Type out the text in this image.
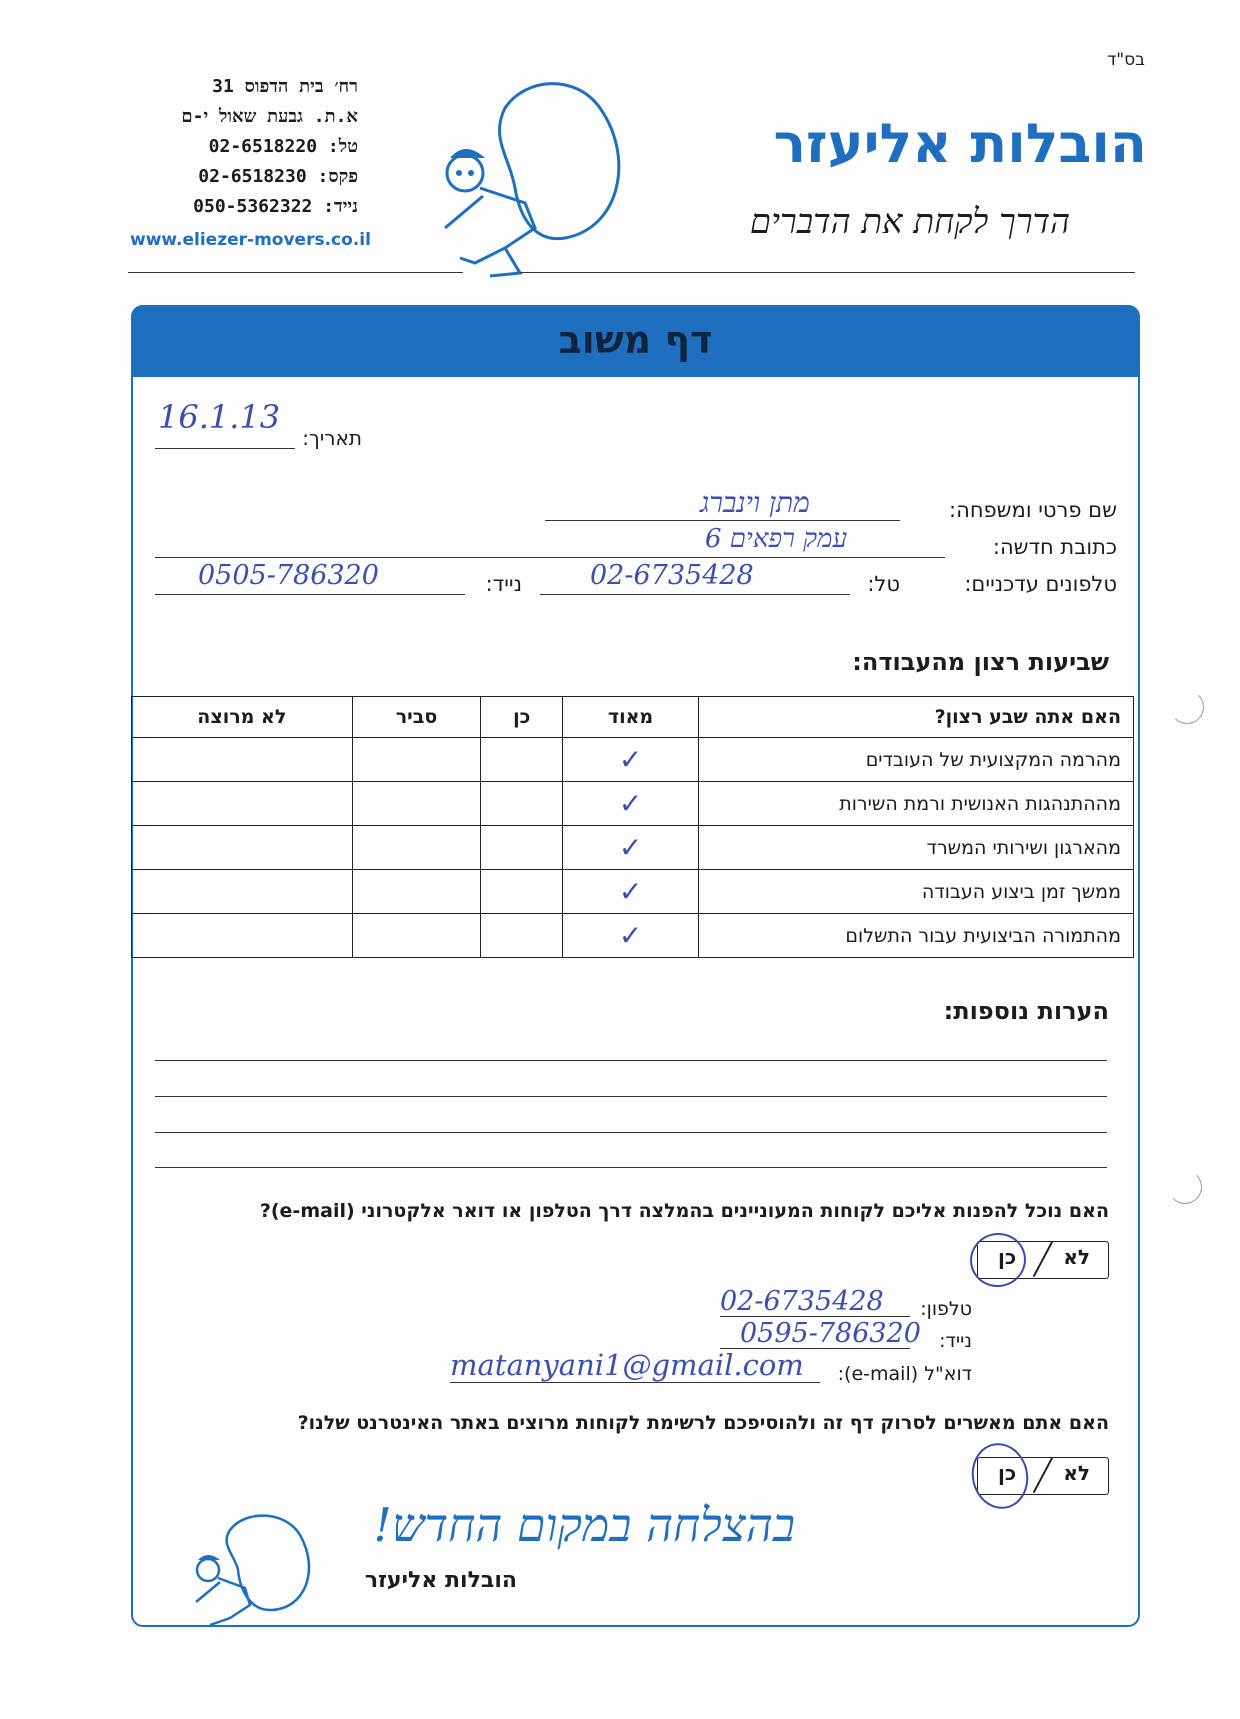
בס"ד
רח׳ בית הדפוס 31
א.ת. גבעת שאול י-ם
טל: 02-6518220
פקס: 02-6518230
נייד: 050-5362322
www.eliezer-movers.co.il
הובלות אליעזר
הדרך לקחת את הדברים
דף משוב
תאריך:
16.1.13
שם פרטי ומשפחה:
מתן וינברג
כתובת חדשה:
עמק רפאים 6
טלפונים עדכניים:
טל:
02-6735428
נייד:
0505-786320
שביעות רצון מהעבודה:
האם אתה שבע רצון?	מאוד	כן	סביר	לא מרוצה
מהרמה המקצועית של העובדים	✓			
מההתנהגות האנושית ורמת השירות	✓			
מהארגון ושירותי המשרד	✓			
ממשך זמן ביצוע העבודה	✓			
מהתמורה הביצועית עבור התשלום	✓			
הערות נוספות:
האם נוכל להפנות אליכם לקוחות המעוניינים בהמלצה דרך הטלפון או דואר אלקטרוני (e-mail)?
לא
כן
טלפון:
02-6735428
נייד:
0595-786320
דוא"ל (e-mail):
matanyani1@gmail.com
האם אתם מאשרים לסרוק דף זה ולהוסיפכם לרשימת לקוחות מרוצים באתר האינטרנט שלנו?
לא
כן
בהצלחה במקום החדש!
הובלות אליעזר
